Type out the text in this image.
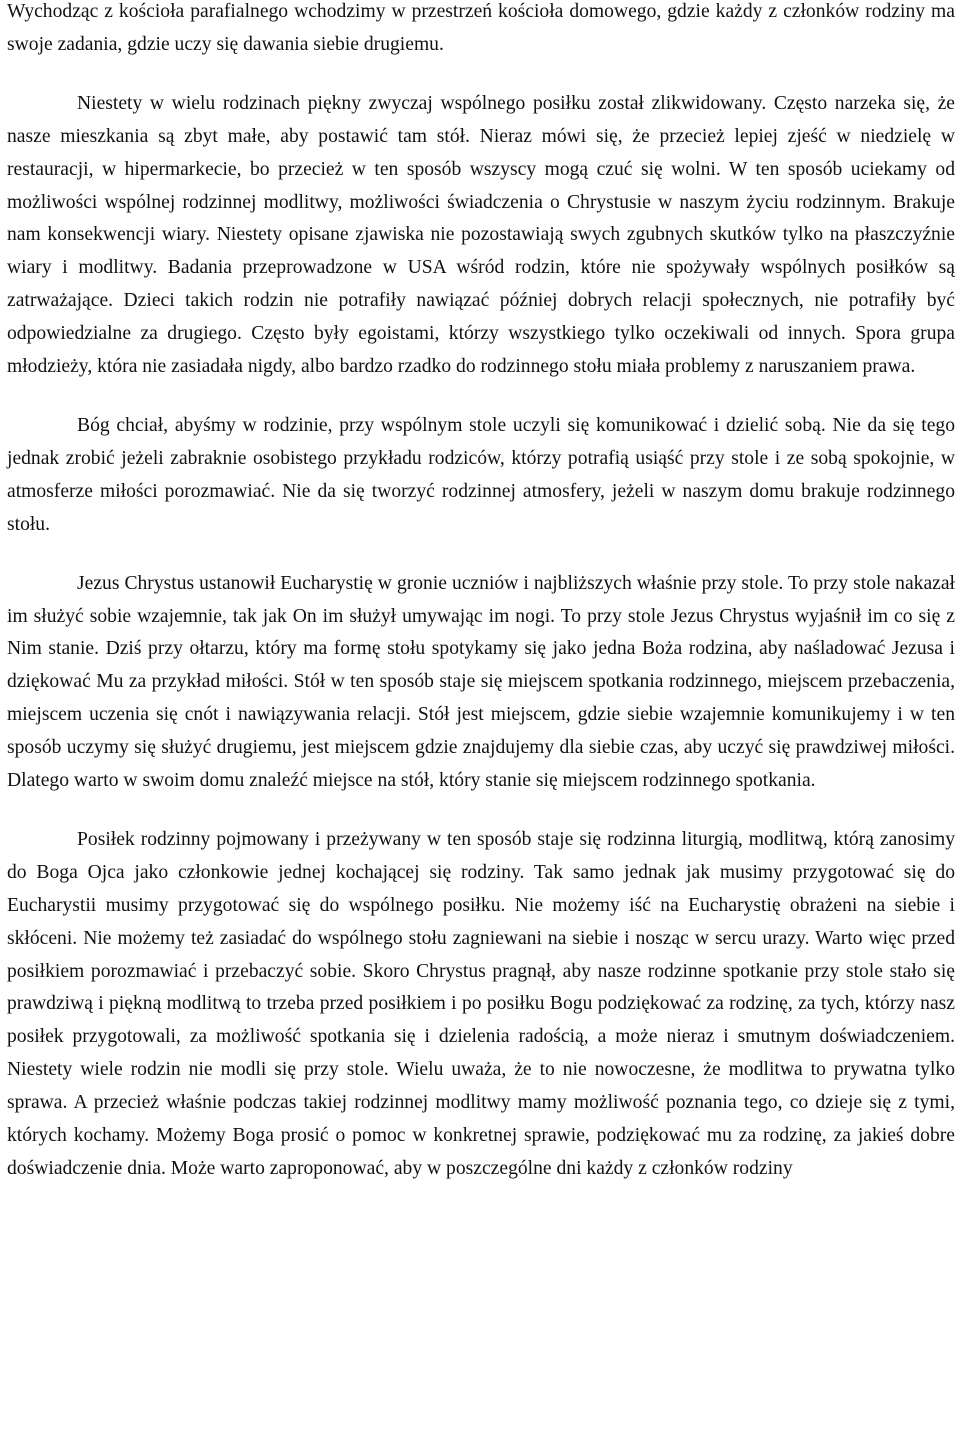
Wychodząc z kościoła parafialnego wchodzimy w przestrzeń kościoła domowego, gdzie każdy z członków rodziny ma swoje zadania, gdzie uczy się dawania siebie drugiemu.

Niestety w wielu rodzinach piękny zwyczaj wspólnego posiłku został zlikwidowany. Często narzeka się, że nasze mieszkania są zbyt małe, aby postawić tam stół. Nieraz mówi się, że przecież lepiej zjeść w niedzielę w restauracji, w hipermarkecie, bo przecież w ten sposób wszyscy mogą czuć się wolni. W ten sposób uciekamy od możliwości wspólnej rodzinnej modlitwy, możliwości świadczenia o Chrystusie w naszym życiu rodzinnym. Brakuje nam konsekwencji wiary. Niestety opisane zjawiska nie pozostawiają swych zgubnych skutków tylko na płaszczyźnie wiary i modlitwy. Badania przeprowadzone w USA wśród rodzin, które nie spożywały wspólnych posiłków są zatrważające. Dzieci takich rodzin nie potrafiły nawiązać później dobrych relacji społecznych, nie potrafiły być odpowiedzialne za drugiego. Często były egoistami, którzy wszystkiego tylko oczekiwali od innych. Spora grupa młodzieży, która nie zasiadała nigdy, albo bardzo rzadko do rodzinnego stołu miała problemy z naruszaniem prawa.

Bóg chciał, abyśmy w rodzinie, przy wspólnym stole uczyli się komunikować i dzielić sobą. Nie da się tego jednak zrobić jeżeli zabraknie osobistego przykładu rodziców, którzy potrafią usiąść przy stole i ze sobą spokojnie, w atmosferze miłości porozmawiać. Nie da się tworzyć rodzinnej atmosfery, jeżeli w naszym domu brakuje rodzinnego stołu.

Jezus Chrystus ustanowił Eucharystię w gronie uczniów i najbliższych właśnie przy stole. To przy stole nakazał im służyć sobie wzajemnie, tak jak On im służył umywając im nogi. To przy stole Jezus Chrystus wyjaśnił im co się z Nim stanie. Dziś przy ołtarzu, który ma formę stołu spotykamy się jako jedna Boża rodzina, aby naśladować Jezusa i dziękować Mu za przykład miłości. Stół w ten sposób staje się miejscem spotkania rodzinnego, miejscem przebaczenia, miejscem uczenia się cnót i nawiązywania relacji. Stół jest miejscem, gdzie siebie wzajemnie komunikujemy i w ten sposób uczymy się służyć drugiemu, jest miejscem gdzie znajdujemy dla siebie czas, aby uczyć się prawdziwej miłości. Dlatego warto w swoim domu znaleźć miejsce na stół, który stanie się miejscem rodzinnego spotkania.

Posiłek rodzinny pojmowany i przeżywany w ten sposób staje się rodzinna liturgią, modlitwą, którą zanosimy do Boga Ojca jako członkowie jednej kochającej się rodziny. Tak samo jednak jak musimy przygotować się do Eucharystii musimy przygotować się do wspólnego posiłku. Nie możemy iść na Eucharystię obrażeni na siebie i skłóceni. Nie możemy też zasiadać do wspólnego stołu zagniewani na siebie i nosząc w sercu urazy. Warto więc przed posiłkiem porozmawiać i przebaczyć sobie. Skoro Chrystus pragnął, aby nasze rodzinne spotkanie przy stole stało się prawdziwą i piękną modlitwą to trzeba przed posiłkiem i po posiłku Bogu podziękować za rodzinę, za tych, którzy nasz posiłek przygotowali, za możliwość spotkania się i dzielenia radością, a może nieraz i smutnym doświadczeniem. Niestety wiele rodzin nie modli się przy stole. Wielu uważa, że to nie nowoczesne, że modlitwa to prywatna tylko sprawa. A przecież właśnie podczas takiej rodzinnej modlitwy mamy możliwość poznania tego, co dzieje się z tymi, których kochamy. Możemy Boga prosić o pomoc w konkretnej sprawie, podziękować mu za rodzinę, za jakieś dobre doświadczenie dnia. Może warto zaproponować, aby w poszczególne dni każdy z członków rodziny
